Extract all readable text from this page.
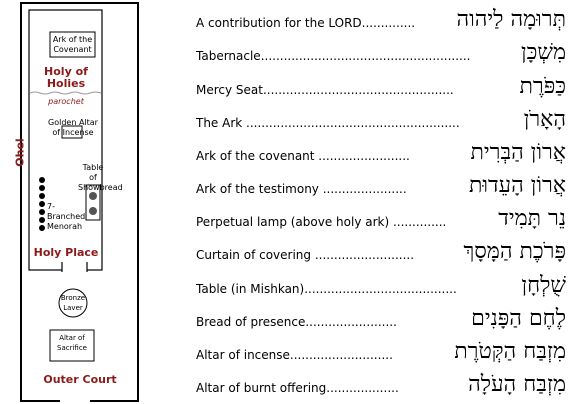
Ark of the Covenant
Holy of Holies
parochet
Golden Altar of Incense
Ohel
Table of Showbread
7-Branched Menorah
Holy Place
Bronze Laver
Altar of Sacrifice
Outer Court
A contribution for the LORD.............. תְּרוּמָה לַיהוה
Tabernacle....................................................... מִשְׁכָּן
Mercy Seat..................................................	כַּפֹּרֶת
The Ark ........................................................	הָאָרֹן
Ark of the covenant ........................	אֲרוֹן הַבְּרִית
Ark of the testimony ......................	אֲרוֹן הָעֵדוּת
Perpetual lamp (above holy ark) .............. נֵר תָּמִיד
Curtain of covering .......................... פָּרֹכֶת הַמָּסָךְ
Table (in Mishkan)........................................	שֻׁלְחָן
Bread of presence........................	לֶחֶם הַפָּנִים
Altar of incense...........................	מִזְבַּח הַקְּטֹרֶת
Altar of burnt offering...................	מִזְבַּח הָעֹלָה
